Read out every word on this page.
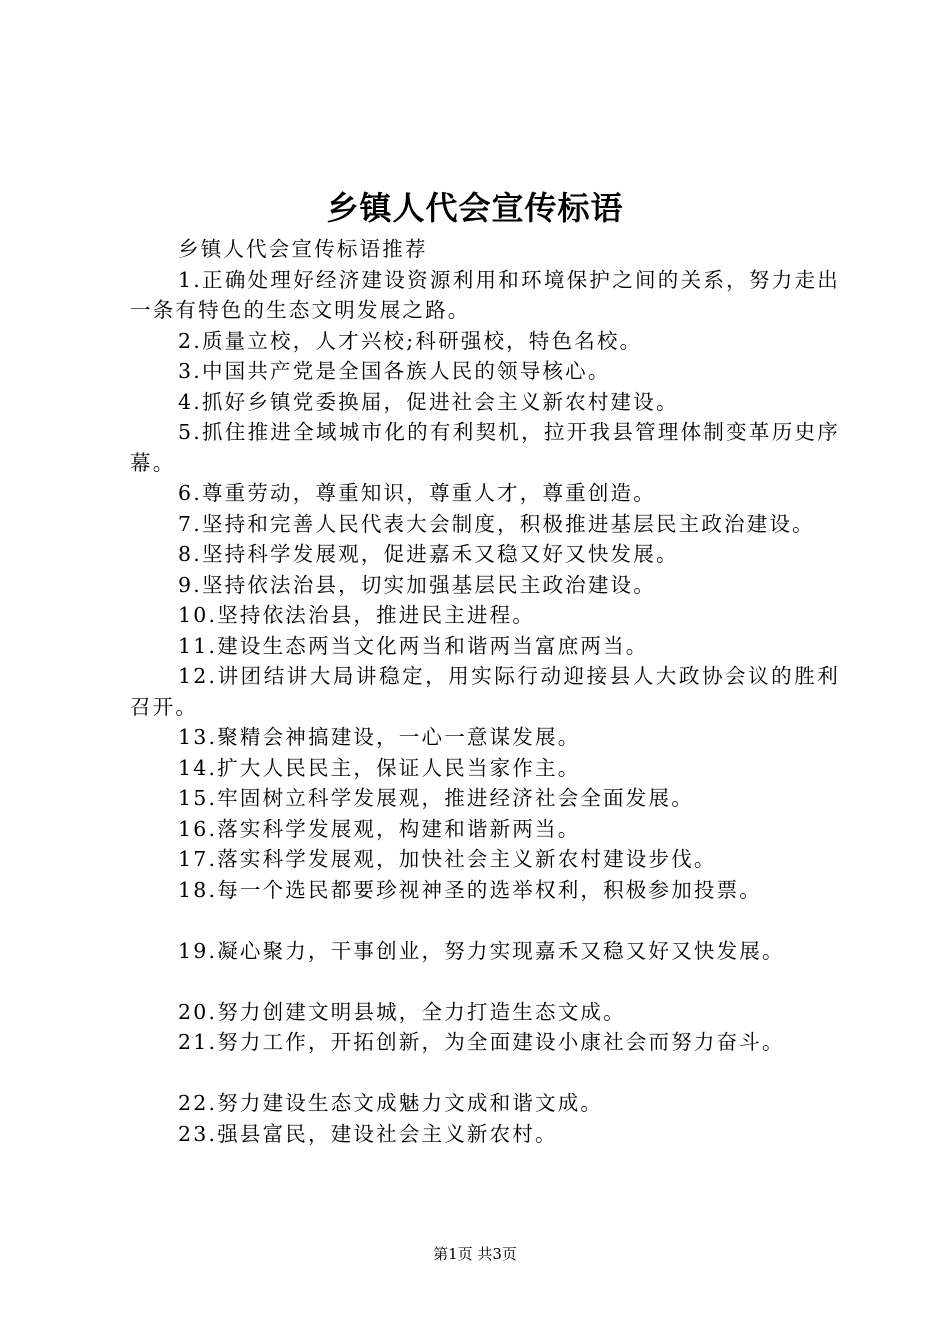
乡镇人代会宣传标语

乡镇人代会宣传标语推荐

1.正确处理好经济建设资源利用和环境保护之间的关系，努力走出一条有特色的生态文明发展之路。

2.质量立校，人才兴校;科研强校，特色名校。

3.中国共产党是全国各族人民的领导核心。

4.抓好乡镇党委换届，促进社会主义新农村建设。

5.抓住推进全域城市化的有利契机，拉开我县管理体制变革历史序幕。

6.尊重劳动，尊重知识，尊重人才，尊重创造。

7.坚持和完善人民代表大会制度，积极推进基层民主政治建设。

8.坚持科学发展观，促进嘉禾又稳又好又快发展。

9.坚持依法治县，切实加强基层民主政治建设。

10.坚持依法治县，推进民主进程。

11.建设生态两当文化两当和谐两当富庶两当。

12.讲团结讲大局讲稳定，用实际行动迎接县人大政协会议的胜利召开。

13.聚精会神搞建设，一心一意谋发展。

14.扩大人民民主，保证人民当家作主。

15.牢固树立科学发展观，推进经济社会全面发展。

16.落实科学发展观，构建和谐新两当。

17.落实科学发展观，加快社会主义新农村建设步伐。

18.每一个选民都要珍视神圣的选举权利，积极参加投票。

19.凝心聚力，干事创业，努力实现嘉禾又稳又好又快发展。

20.努力创建文明县城，全力打造生态文成。

21.努力工作，开拓创新，为全面建设小康社会而努力奋斗。

22.努力建设生态文成魅力文成和谐文成。

23.强县富民，建设社会主义新农村。

第1页 共3页
